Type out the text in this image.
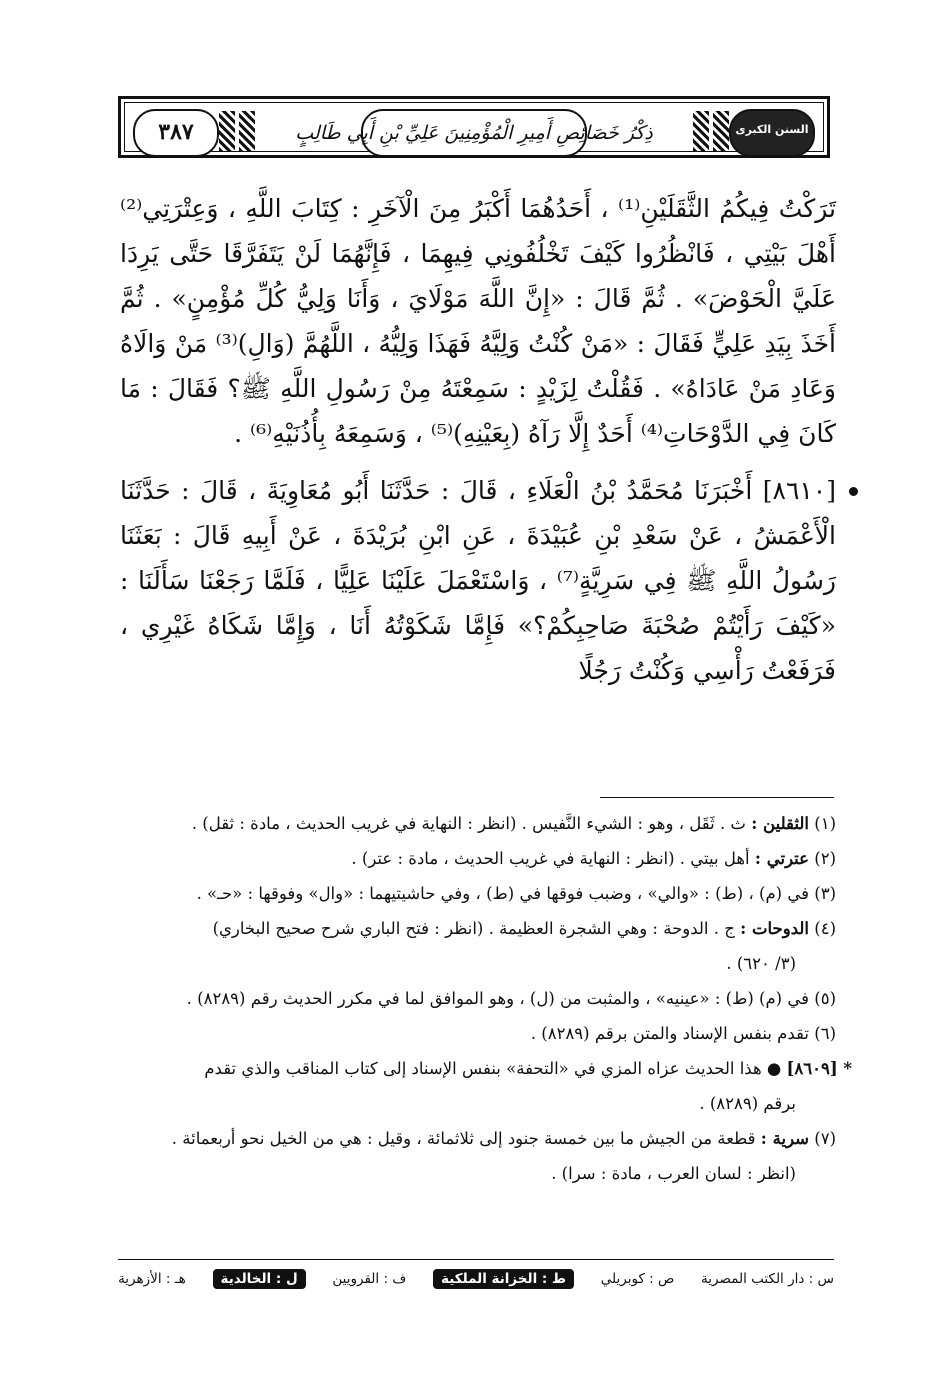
السنن الكبرى
ذِكْرُ خَصَائِصِ أَمِيرِ الْمُؤْمِنِينَ عَلِيِّ بْنِ أَبِي طَالِبٍ
٣٨٧

تَرَكْتُ فِيكُمُ الثَّقَلَيْنِ⁽¹⁾ ، أَحَدُهُمَا أَكْبَرُ مِنَ الْآخَرِ : كِتَابَ اللَّهِ ، وَعِتْرَتِي⁽²⁾ أَهْلَ بَيْتِي ، فَانْظُرُوا كَيْفَ تَخْلُفُونِي فِيهِمَا ، فَإِنَّهُمَا لَنْ يَتَفَرَّقَا حَتَّى يَرِدَا عَلَيَّ الْحَوْضَ» . ثُمَّ قَالَ : «إِنَّ اللَّهَ مَوْلَايَ ، وَأَنَا وَلِيُّ كُلِّ مُؤْمِنٍ» . ثُمَّ أَخَذَ بِيَدِ عَلِيٍّ فَقَالَ : «مَنْ كُنْتُ وَلِيَّهُ فَهَذَا وَلِيُّهُ ، اللَّهُمَّ (وَالِ)⁽³⁾ مَنْ وَالَاهُ وَعَادِ مَنْ عَادَاهُ» . فَقُلْتُ لِزَيْدٍ : سَمِعْتَهُ مِنْ رَسُولِ اللَّهِ ﷺ؟ فَقَالَ : مَا كَانَ فِي الدَّوْحَاتِ⁽⁴⁾ أَحَدٌ إِلَّا رَآهُ (بِعَيْنِهِ)⁽⁵⁾ ، وَسَمِعَهُ بِأُذُنَيْهِ⁽⁶⁾ .

[٨٦١٠] أَخْبَرَنَا مُحَمَّدُ بْنُ الْعَلَاءِ ، قَالَ : حَدَّثَنَا أَبُو مُعَاوِيَةَ ، قَالَ : حَدَّثَنَا الْأَعْمَشُ ، عَنْ سَعْدِ بْنِ عُبَيْدَةَ ، عَنِ ابْنِ بُرَيْدَةَ ، عَنْ أَبِيهِ قَالَ : بَعَثَنَا رَسُولُ اللَّهِ ﷺ فِي سَرِيَّةٍ⁽⁷⁾ ، وَاسْتَعْمَلَ عَلَيْنَا عَلِيًّا ، فَلَمَّا رَجَعْنَا سَأَلَنَا : «كَيْفَ رَأَيْتُمْ صُحْبَةَ صَاحِبِكُمْ؟» فَإِمَّا شَكَوْتُهُ أَنَا ، وَإِمَّا شَكَاهُ غَيْرِي ، فَرَفَعْتُ رَأْسِي وَكُنْتُ رَجُلًا

(١) الثقلين : ث . ثَقَل ، وهو : الشيء النَّفيس . (انظر : النهاية في غريب الحديث ، مادة : ثقل) .

(٢) عترتي : أهل بيتي . (انظر : النهاية في غريب الحديث ، مادة : عتر) .

(٣) في (م) ، (ط) : «والي» ، وضبب فوقها في (ط) ، وفي حاشيتيهما : «وال» وفوقها : «حـ» .

(٤) الدوحات : ج . الدوحة : وهي الشجرة العظيمة . (انظر : فتح الباري شرح صحيح البخاري)

(٣/ ٦٢٠) .

(٥) في (م) (ط) : «عينيه» ، والمثبت من (ل) ، وهو الموافق لما في مكرر الحديث رقم (٨٢٨٩) .

(٦) تقدم بنفس الإسناد والمتن برقم (٨٢٨٩) .

* [٨٦٠٩] ● هذا الحديث عزاه المزي في «التحفة» بنفس الإسناد إلى كتاب المناقب والذي تقدم

برقم (٨٢٨٩) .

(٧) سرية : قطعة من الجيش ما بين خمسة جنود إلى ثلاثمائة ، وقيل : هي من الخيل نحو أربعمائة .

(انظر : لسان العرب ، مادة : سرا) .

س : دار الكتب المصرية
ص : كوبريلي
ط : الخزانة الملكية
ف : القرويين
ل : الخالدية
هـ : الأزهرية
